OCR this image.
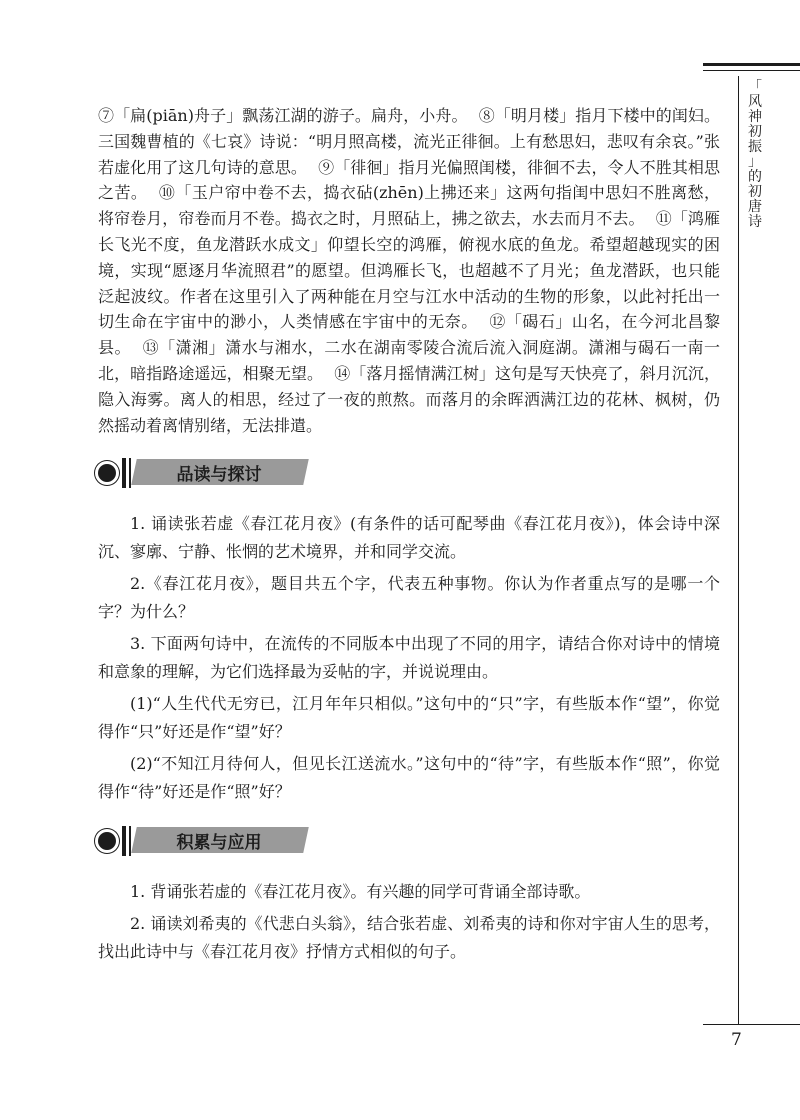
「
风
神
初
振
」
的
初
唐
诗
7
⑦「扁(piān)舟子」飘荡江湖的游子。扁舟，小舟。 ⑧「明月楼」指月下楼中的闺妇。三国魏曹植的《七哀》诗说：“明月照高楼，流光正徘徊。上有愁思妇，悲叹有余哀。”张若虚化用了这几句诗的意思。 ⑨「徘徊」指月光偏照闺楼，徘徊不去，令人不胜其相思之苦。 ⑩「玉户帘中卷不去，捣衣砧(zhēn)上拂还来」这两句指闺中思妇不胜离愁，将帘卷月，帘卷而月不卷。捣衣之时，月照砧上，拂之欲去，水去而月不去。 ⑪「鸿雁长飞光不度，鱼龙潜跃水成文」仰望长空的鸿雁，俯视水底的鱼龙。希望超越现实的困境，实现“愿逐月华流照君”的愿望。但鸿雁长飞，也超越不了月光；鱼龙潜跃，也只能泛起波纹。作者在这里引入了两种能在月空与江水中活动的生物的形象，以此衬托出一切生命在宇宙中的渺小，人类情感在宇宙中的无奈。 ⑫「碣石」山名，在今河北昌黎县。 ⑬「潇湘」潇水与湘水，二水在湖南零陵合流后流入洞庭湖。潇湘与碣石一南一北，暗指路途遥远，相聚无望。 ⑭「落月摇情满江树」这句是写天快亮了，斜月沉沉，隐入海雾。离人的相思，经过了一夜的煎熬。而落月的余晖洒满江边的花林、枫树，仍然摇动着离情别绪，无法排遣。
品读与探讨

1. 诵读张若虚《春江花月夜》(有条件的话可配琴曲《春江花月夜》)，体会诗中深沉、寥廓、宁静、怅惘的艺术境界，并和同学交流。

2.《春江花月夜》，题目共五个字，代表五种事物。你认为作者重点写的是哪一个字？为什么？

3. 下面两句诗中，在流传的不同版本中出现了不同的用字，请结合你对诗中的情境和意象的理解，为它们选择最为妥帖的字，并说说理由。

(1)“人生代代无穷已，江月年年只相似。”这句中的“只”字，有些版本作“望”，你觉得作“只”好还是作“望”好？

(2)“不知江月待何人，但见长江送流水。”这句中的“待”字，有些版本作“照”，你觉得作“待”好还是作“照”好？

积累与应用

1. 背诵张若虚的《春江花月夜》。有兴趣的同学可背诵全部诗歌。

2. 诵读刘希夷的《代悲白头翁》，结合张若虚、刘希夷的诗和你对宇宙人生的思考，找出此诗中与《春江花月夜》抒情方式相似的句子。
